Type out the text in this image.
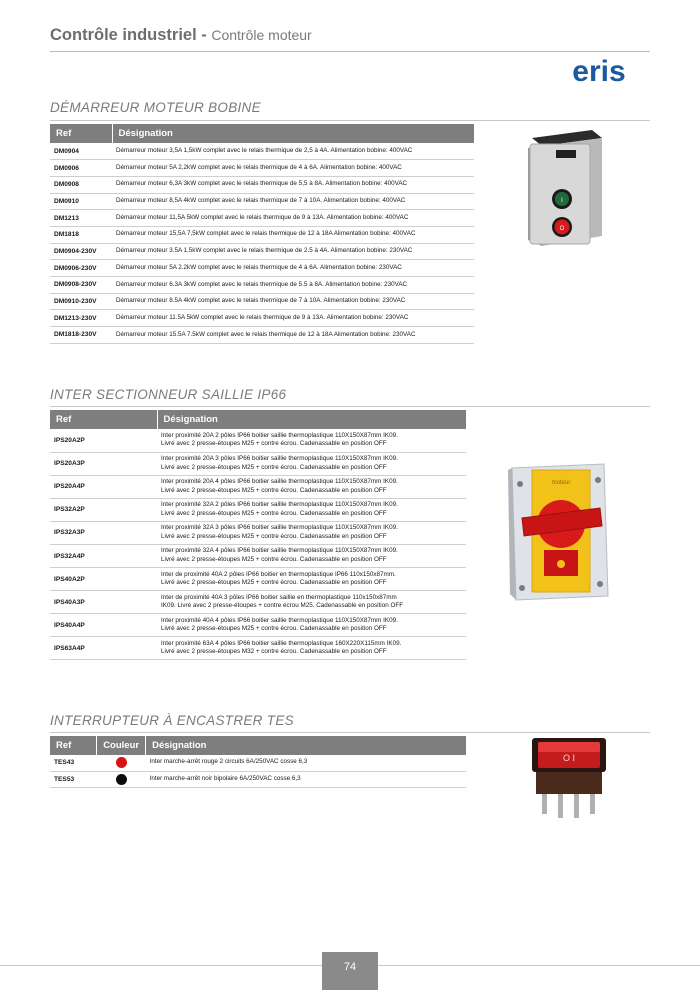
Contrôle industriel - Contrôle moteur
eris
DÉMARREUR MOTEUR BOBINE
Ref	Désignation
DM0904	Démarreur moteur 3,5A 1,5kW complet avec le relais thermique de 2,5 à 4A. Alimentation bobine: 400VAC
DM0906	Démarreur moteur 5A 2,2kW complet avec le relais thermique de 4 à 6A. Alimentation bobine: 400VAC
DM0908	Démarreur moteur 6,3A 3kW complet avec le relais thermique de 5,5 à 8A. Alimentation bobine: 400VAC
DM0910	Démarreur moteur 8,5A 4kW complet avec le relais thermique de 7 à 10A. Alimentation bobine: 400VAC
DM1213	Démarreur moteur 11,5A 5kW complet avec le relais thermique de 9 à 13A. Alimentation bobine: 400VAC
DM1818	Démarreur moteur 15,5A 7,5kW complet avec le relais thermique de 12 à 18A Alimentation bobine: 400VAC
DM0904-230V	Démarreur moteur 3.5A 1.5kW complet avec le relais thermique de 2.5 à 4A. Alimentation bobine: 230VAC
DM0906-230V	Démarreur moteur 5A 2.2kW complet avec le relais thermique de 4 à 6A. Alimentation bobine: 230VAC
DM0908-230V	Démarreur moteur 6.3A 3kW complet avec le relais thermique de 5.5 à 8A. Alimentation bobine: 230VAC
DM0910-230V	Démarreur moteur 8.5A 4kW complet avec le relais thermique de 7 à 10A. Alimentation bobine: 230VAC
DM1213-230V	Démarreur moteur 11.5A 5kW complet avec le relais thermique de 9 à 13A. Alimentation bobine: 230VAC
DM1818-230V	Démarreur moteur 15.5A 7.5kW complet avec le relais thermique de 12 à 18A Alimentation bobine: 230VAC
I
O
INTER SECTIONNEUR SAILLIE IP66
Ref	Désignation
IPS20A2P	Inter proximité 20A 2 pôles IP66 boitier saillie thermoplastique 110X150X87mm IK09.
Livré avec 2 presse-étoupes M25 + contre écrou. Cadenassable en position OFF

IPS20A3P	Inter proximité 20A 3 pôles IP66 boitier saillie thermoplastique 110X150X87mm IK09.
Livré avec 2 presse-étoupes M25 + contre écrou. Cadenassable en position OFF

IPS20A4P	Inter proximité 20A 4 pôles IP66 boitier saillie thermoplastique 110X150X87mm IK09.
Livré avec 2 presse-étoupes M25 + contre écrou. Cadenassable en position OFF

IPS32A2P	Inter proximité 32A 2 pôles IP66 boitier saillie thermoplastique 110X150X87mm IK09.
Livré avec 2 presse-étoupes M25 + contre écrou. Cadenassable en position OFF

IPS32A3P	Inter proximité 32A 3 pôles IP66 boitier saillie thermoplastique 110X150X87mm IK09.
Livré avec 2 presse-étoupes M25 + contre écrou. Cadenassable en position OFF

IPS32A4P	Inter proximité 32A 4 pôles IP66 boitier saillie thermoplastique 110X150X87mm IK09.
Livré avec 2 presse-étoupes M25 + contre écrou. Cadenassable en position OFF

IPS40A2P	Inter de proximité 40A 2 pôles IP66 boitier en thermoplastique IP66 110x150x87mm.
Livré avec 2 presse-étoupes M25 + contre écrou. Cadenassable en position OFF

IPS40A3P	Inter de proximité 40A 3 pôles IP66 boitier saillie en thermoplastique 110x150x87mm
IK09. Livré avec 2 presse-étoupes + contre écrou M25. Cadenassable en position OFF

IPS40A4P	Inter proximité 40A 4 pôles IP66 boitier saillie thermoplastique 110X150X87mm IK09.
Livré avec 2 presse-étoupes M25 + contre écrou. Cadenassable en position OFF

IPS63A4P	Inter proximité 63A 4 pôles IP66 boitier saillie thermoplastique 160X220X115mm IK09.
Livré avec 2 presse-étoupes M32 + contre écrou. Cadenassable en position OFF
moteur
INTERRUPTEUR À ENCASTRER TES
Ref	Couleur	Désignation
TES43		Inter marche-arrêt rouge 2 circuits 6A/250VAC cosse 6,3
TES53		Inter marche-arrêt noir bipolaire 6A/250VAC cosse 6,3
O I
74
